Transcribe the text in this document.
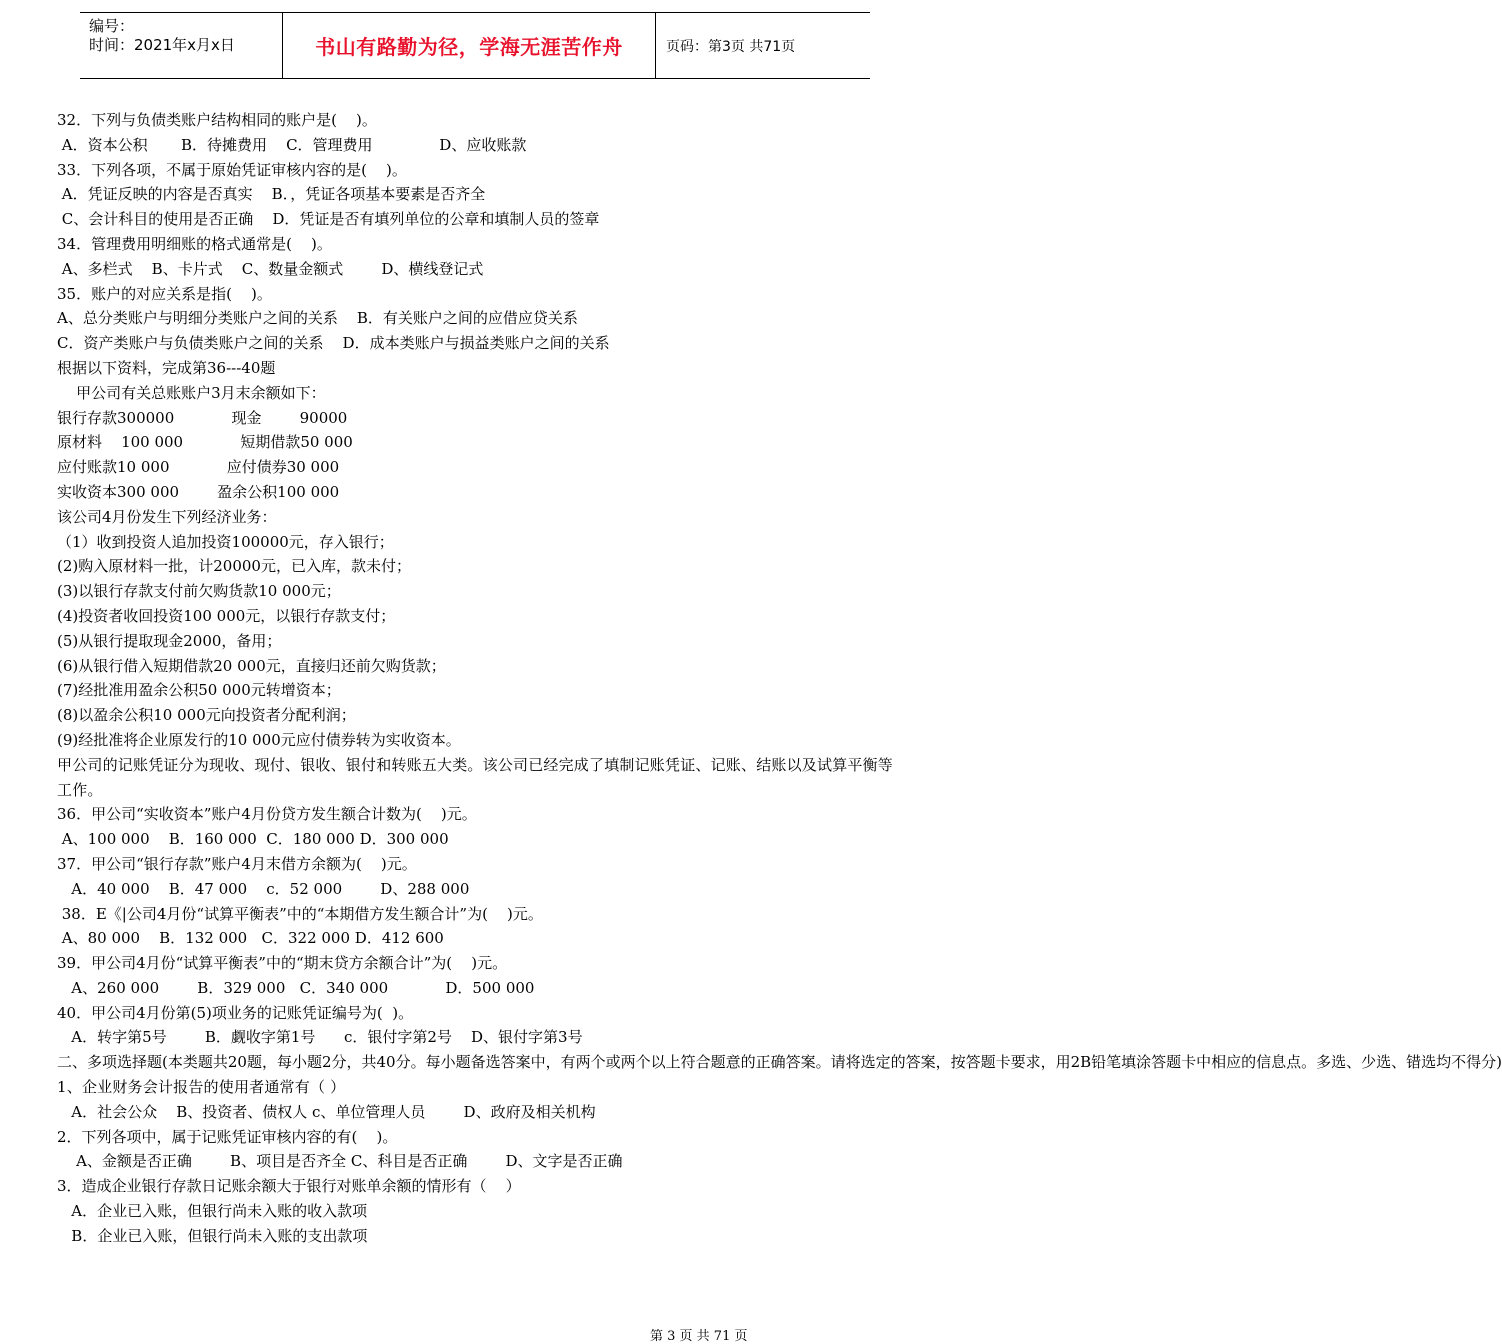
编号：
时间：2021年x月x日	书山有路勤为径，学海无涯苦作舟	页码：第3页 共71页
32．下列与负债类账户结构相同的账户是(    )。
A．资本公积       B．待摊费用    C．管理费用              D、应收账款
33．下列各项，不属于原始凭证审核内容的是(    )。
A．凭证反映的内容是否真实    B．，凭证各项基本要素是否齐全
C、会计科目的使用是否正确    D．凭证是否有填列单位的公章和填制人员的签章
34．管理费用明细账的格式通常是(    )。
A、多栏式    B、卡片式    C、数量金额式        D、横线登记式
35．账户的对应关系是指(    )。
A、总分类账户与明细分类账户之间的关系    B．有关账户之间的应借应贷关系
C．资产类账户与负债类账户之间的关系    D．成本类账户与损益类账户之间的关系
根据以下资料，完成第36---40题
甲公司有关总账账户3月末余额如下：
银行存款300000            现金        90000
原材料    100 000            短期借款50 000
应付账款10 000            应付债券30 000
实收资本300 000        盈余公积100 000
该公司4月份发生下列经济业务：
（1）收到投资人追加投资100000元，存入银行；
(2)购入原材料一批，计20000元，已入库，款未付；
(3)以银行存款支付前欠购货款10 000元；
(4)投资者收回投资100 000元，以银行存款支付；
(5)从银行提取现金2000，备用；
(6)从银行借入短期借款20 000元，直接归还前欠购货款；
(7)经批准用盈余公积50 000元转增资本；
(8)以盈余公积10 000元向投资者分配利润；
(9)经批准将企业原发行的10 000元应付债券转为实收资本。
甲公司的记账凭证分为现收、现付、银收、银付和转账五大类。该公司已经完成了填制记账凭证、记账、结账以及试算平衡等工作。
36．甲公司“实收资本”账户4月份贷方发生额合计数为(    )元。
A、100 000    B．160 000  C．180 000 D．300 000
37．甲公司“银行存款”账户4月末借方余额为(    )元。
A．40 000    B．47 000    c．52 000        D、288 000
38．E《|公司4月份“试算平衡表”中的“本期借方发生额合计”为(    )元。
A、80 000    B．132 000   C．322 000 D．412 600
39．甲公司4月份“试算平衡表”中的“期末贷方余额合计”为(    )元。
A、260 000        B．329 000   C．340 000            D．500 000
40．甲公司4月份第(5)项业务的记账凭证编号为(  )。
A．转字第5号        B．觑收字第1号      c．银付字第2号    D、银付字第3号
二、多项选择题(本类题共20题，每小题2分，共40分。每小题备选答案中，有两个或两个以上符合题意的正确答案。请将选定的答案，按答题卡要求，用2B铅笔填涂答题卡中相应的信息点。多选、少选、错选均不得分)
1、企业财务会计报告的使用者通常有（ ）
A．社会公众    B、投资者、债权人 c、单位管理人员        D、政府及相关机构
2．下列各项中，属于记账凭证审核内容的有(    )。
A、金额是否正确        B、项目是否齐全 C、科目是否正确        D、文字是否正确
3．造成企业银行存款日记账余额大于银行对账单余额的情形有（    ）
A．企业已入账，但银行尚未入账的收入款项
B．企业已入账，但银行尚未入账的支出款项
第 3 页 共 71 页
